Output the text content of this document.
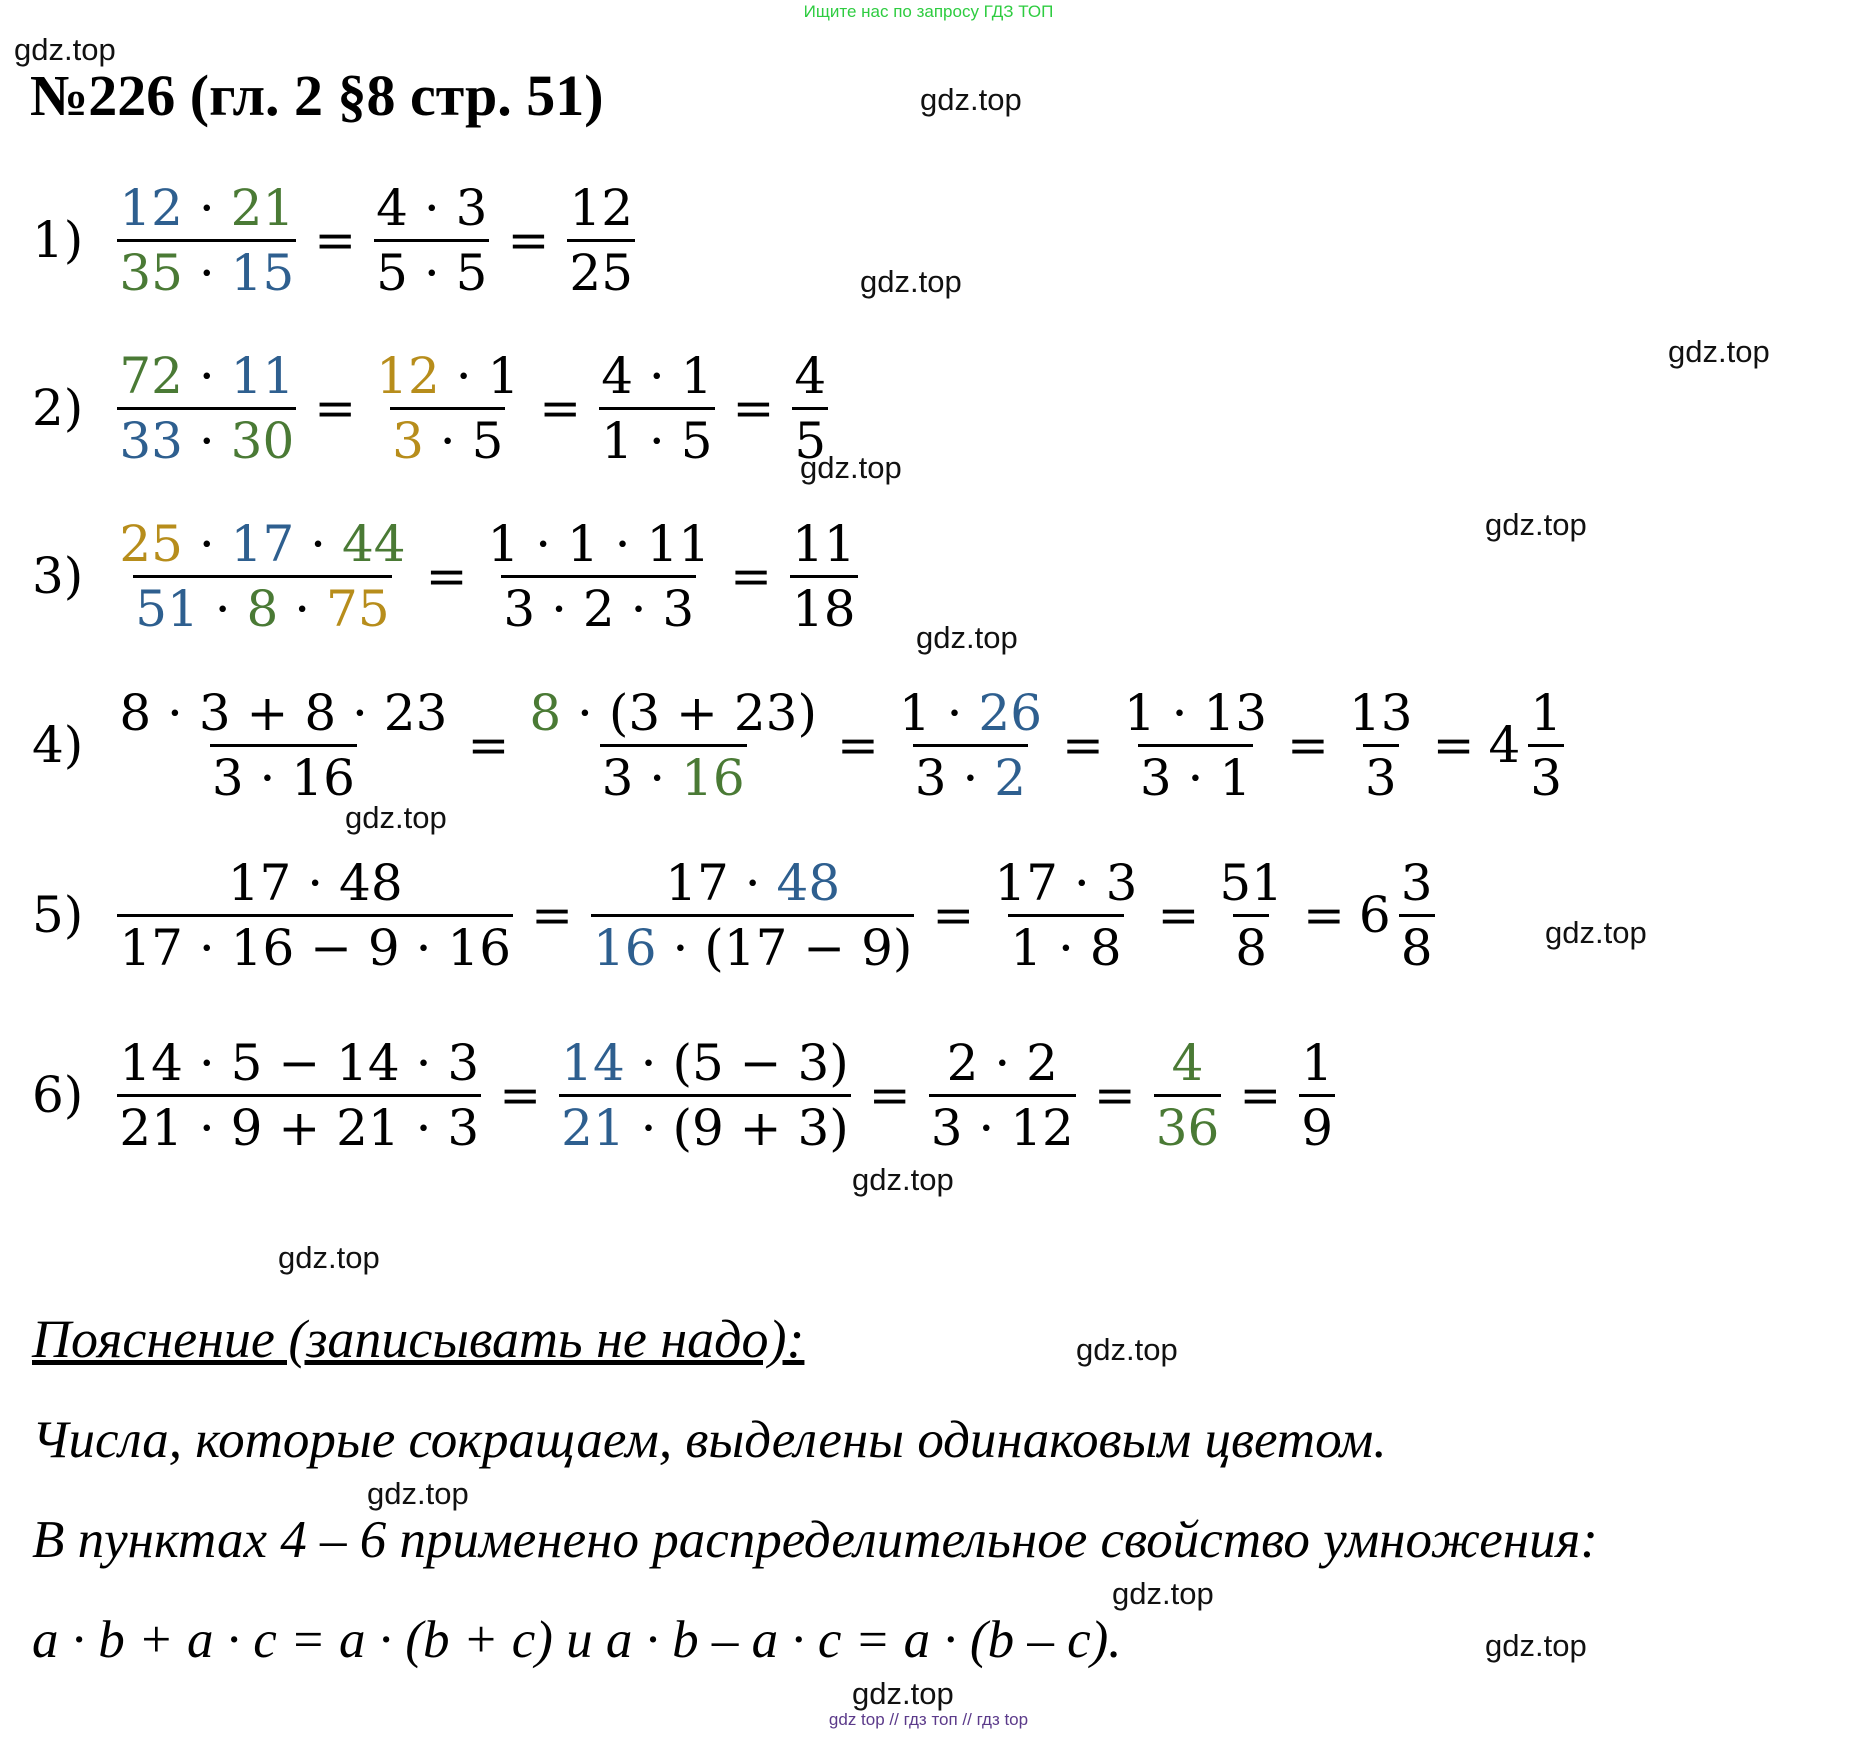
Ищите нас по запросу ГДЗ ТОП
gdz.top
gdz.top
gdz.top
gdz.top
gdz.top
gdz.top
gdz.top
gdz.top
gdz.top
gdz.top
gdz.top
gdz.top
gdz.top
gdz.top
gdz.top
gdz.top
№226 (гл. 2 §8 стр. 51)
$1) \frac{12 \cdot 21}{35 \cdot 15} = \frac{4 \cdot 3}{5 \cdot 5} = \frac{12}{25}$
$2) \frac{72 \cdot 11}{33 \cdot 30} = \frac{12 \cdot 1}{3 \cdot 5} = \frac{4 \cdot 1}{1 \cdot 5} = \frac{4}{5}$
$3) \frac{25 \cdot 17 \cdot 44}{51 \cdot 8 \cdot 75} = \frac{1 \cdot 1 \cdot 11}{3 \cdot 2 \cdot 3} = \frac{11}{18}$
$4) \frac{8 \cdot 3 + 8 \cdot 23}{3 \cdot 16} = \frac{8 \cdot (3 + 23)}{3 \cdot 16} = \frac{1 \cdot 26}{3 \cdot 2} = \frac{1 \cdot 13}{3 \cdot 1} = \frac{13}{3} = 4 \frac{1}{3}$
$5) \frac{17 \cdot 48}{17 \cdot 16 - 9 \cdot 16} = \frac{17 \cdot 48}{16 \cdot (17 - 9)} = \frac{17 \cdot 3}{1 \cdot 8} = \frac{51}{8} = 6 \frac{3}{8}$
$6) \frac{14 \cdot 5 - 14 \cdot 3}{21 \cdot 9 + 21 \cdot 3} = \frac{14 \cdot (5 - 3)}{21 \cdot (9 + 3)} = \frac{2 \cdot 2}{3 \cdot 12} = \frac{4}{36} = \frac{1}{9}$
Пояснение (записывать не надо):
Числа, которые сокращаем, выделены одинаковым цветом.
В пунктах 4 – 6 применено распределительное свойство умножения:
a · b + a · c = a · (b + c) и a · b – a · c = a · (b – c).
gdz top // гдз топ // гдз top
